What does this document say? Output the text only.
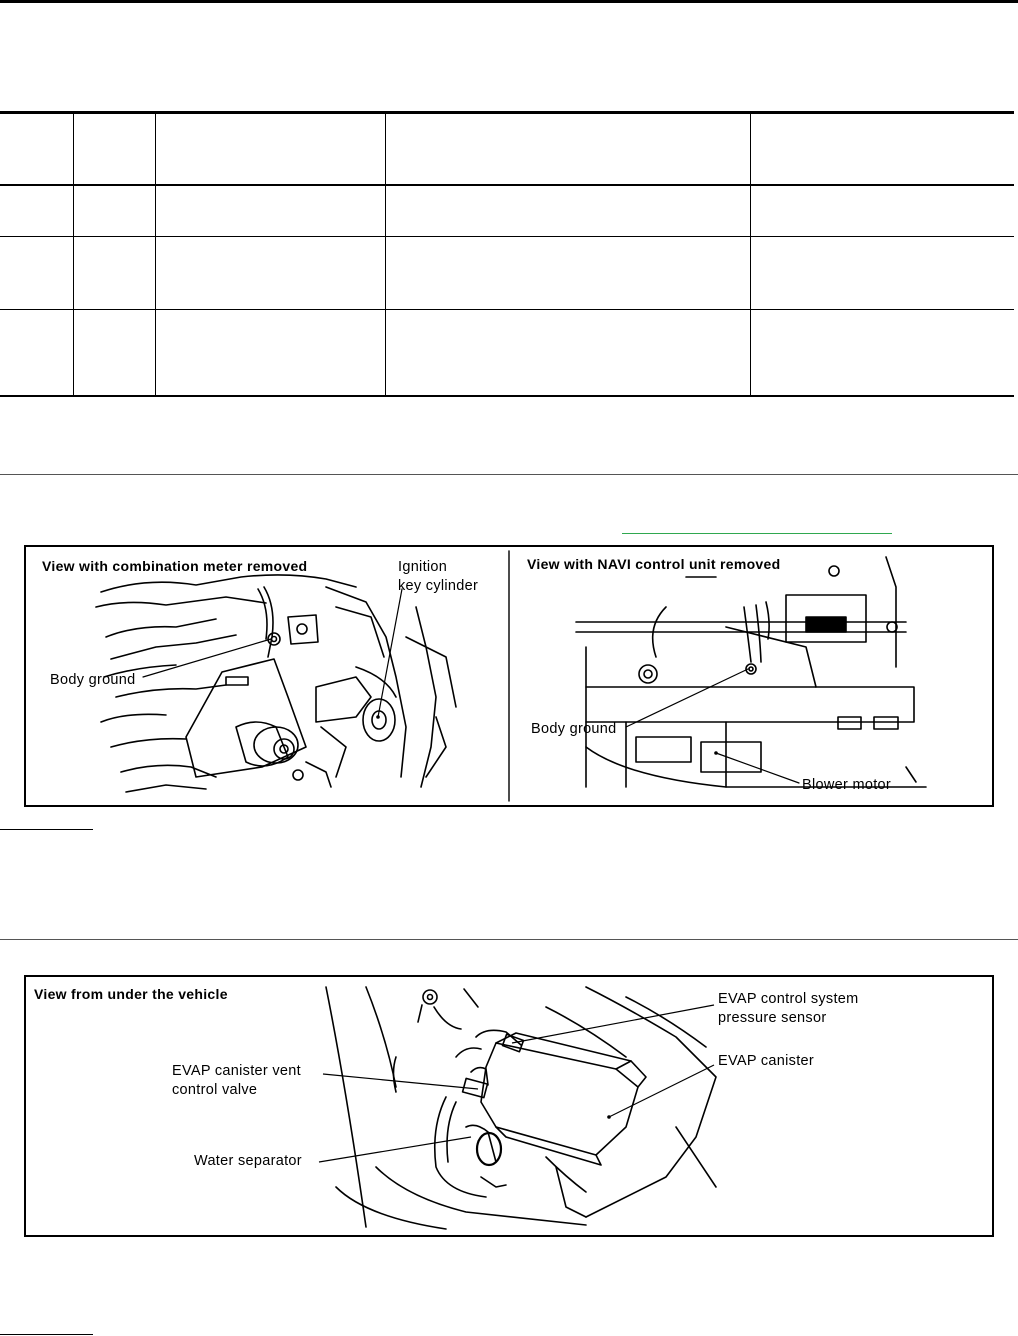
View with combination meter removed	View with NAVI control unit removed
Ignition
key cylinder
Body ground
Body ground
Blower motor
View from under the vehicle	EVAP control system
pressure sensor
EVAP canister
EVAP canister vent
control valve
Water separator
